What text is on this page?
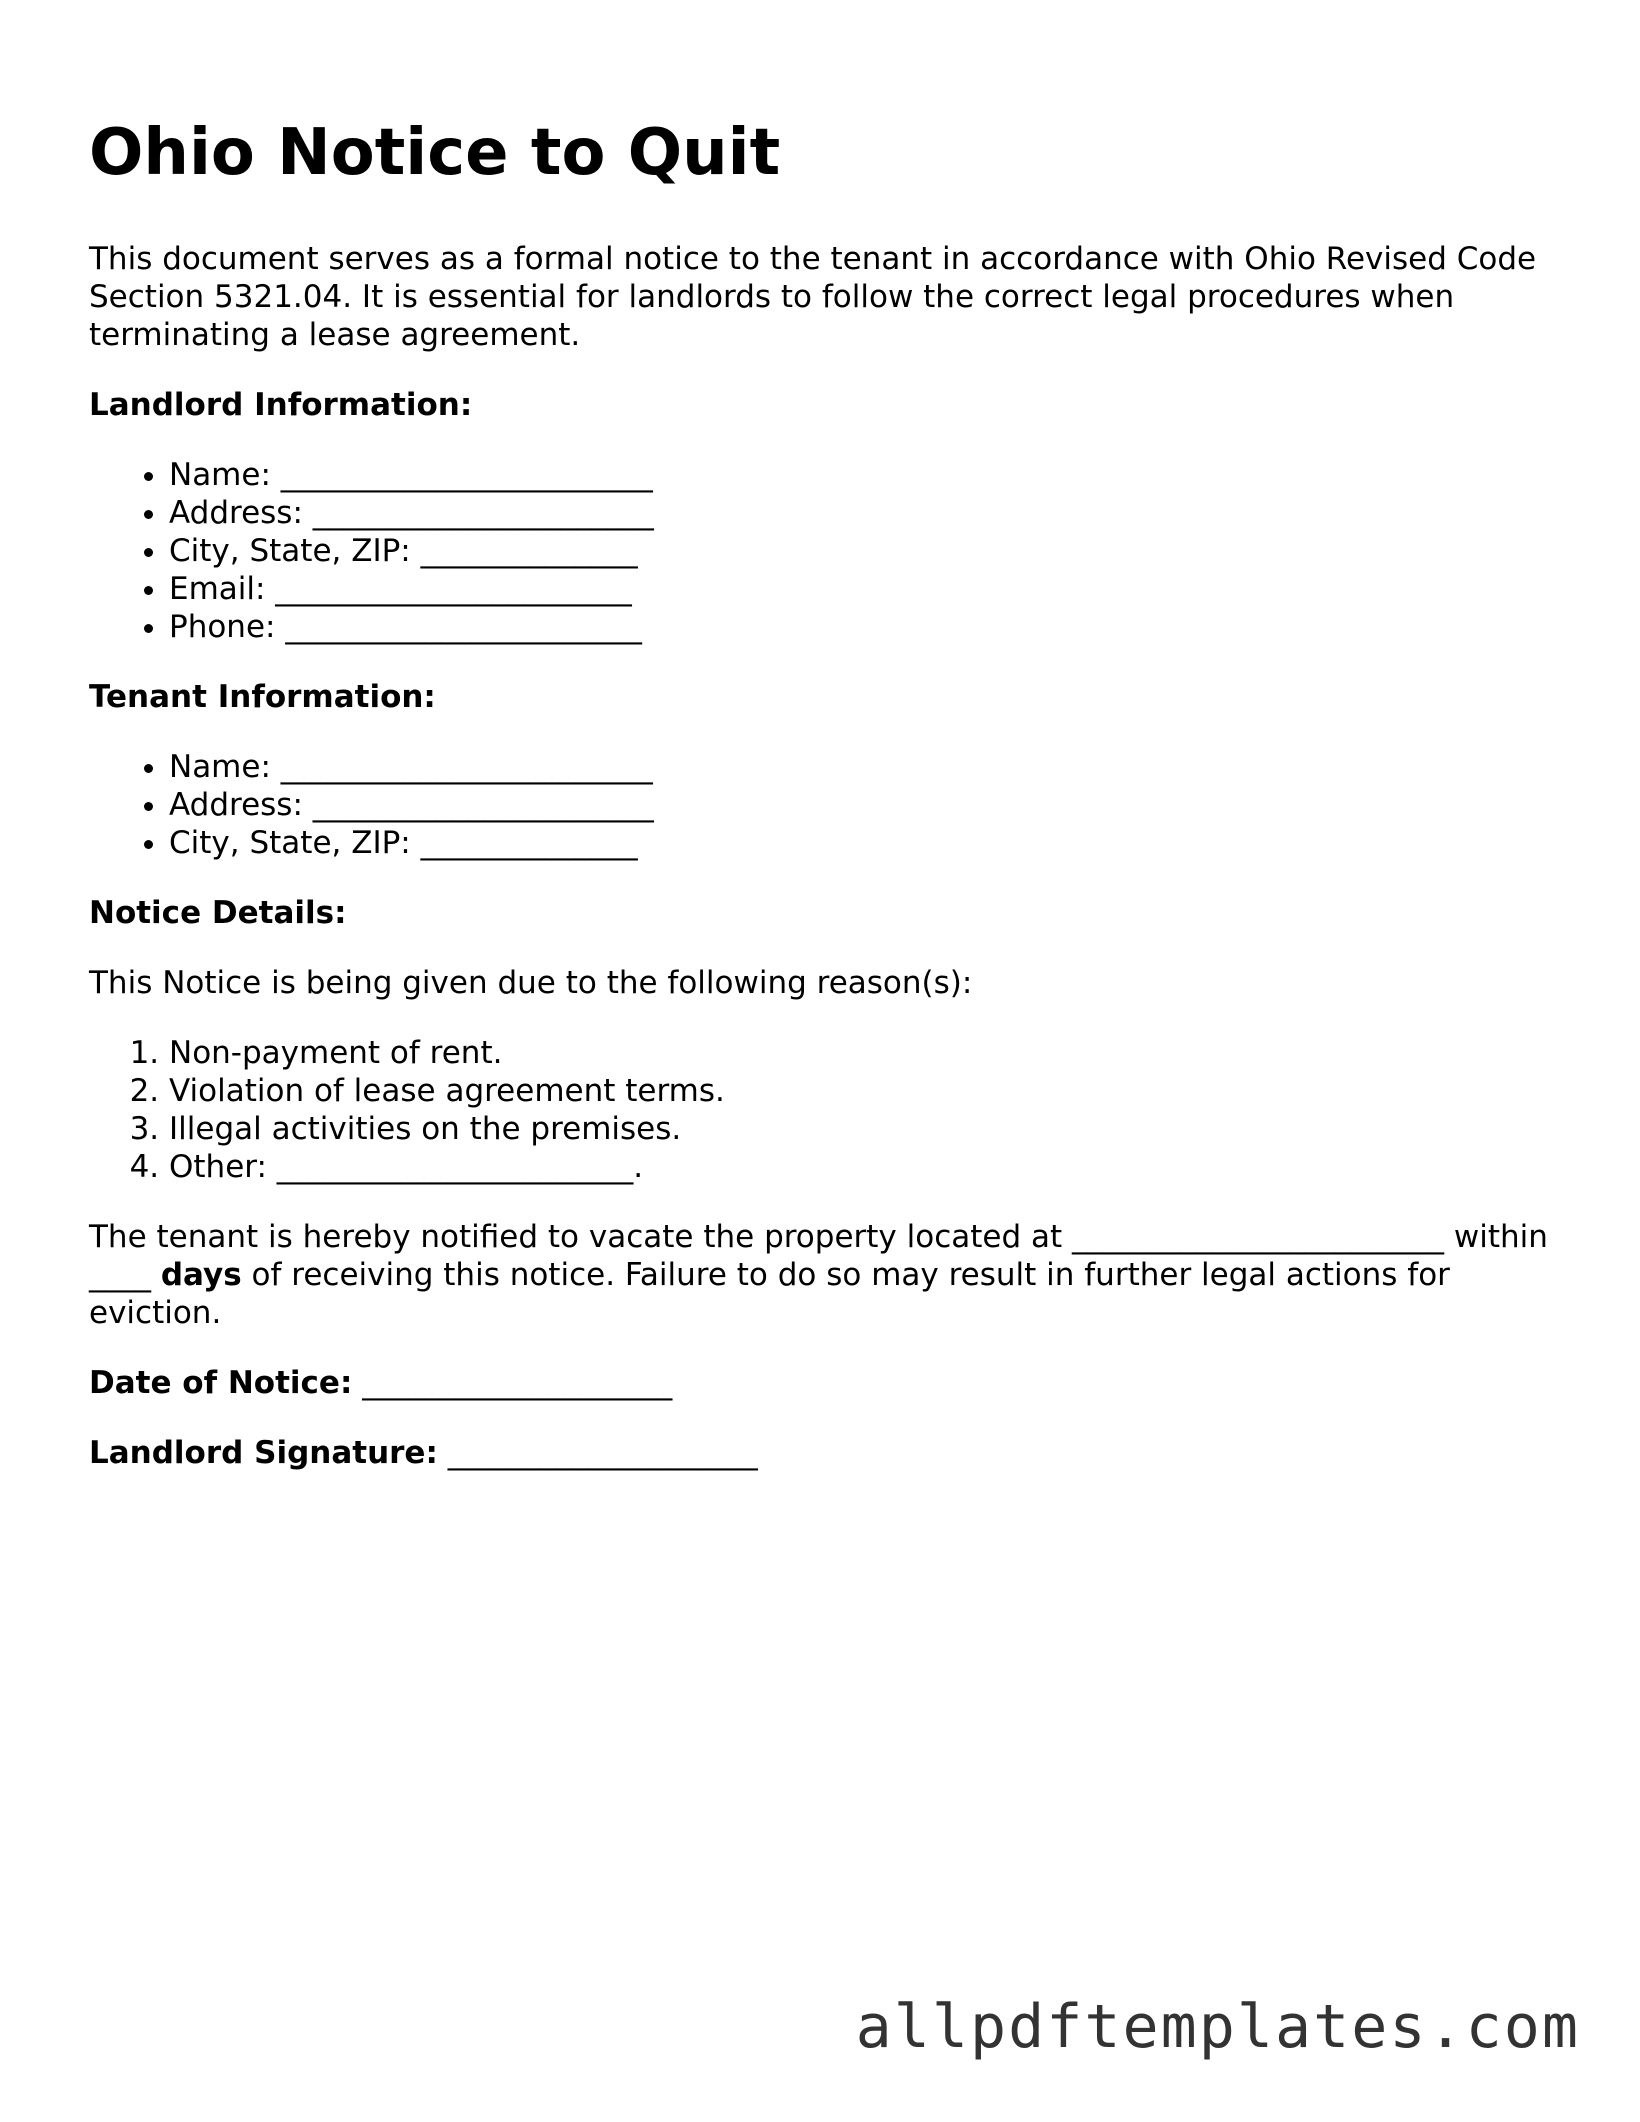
Ohio Notice to Quit

This document serves as a formal notice to the tenant in accordance with Ohio Revised Code Section 5321.04. It is essential for landlords to follow the correct legal procedures when terminating a lease agreement.

Landlord Information:

• Name: ________________________
• Address: ______________________
• City, State, ZIP: ______________
• Email: _______________________
• Phone: _______________________

Tenant Information:

• Name: ________________________
• Address: ______________________
• City, State, ZIP: ______________

Notice Details:

This Notice is being given due to the following reason(s):

1. Non-payment of rent.
2. Violation of lease agreement terms.
3. Illegal activities on the premises.
4. Other: _______________________.

The tenant is hereby notified to vacate the property located at ________________________ within ____ days of receiving this notice. Failure to do so may result in further legal actions for eviction.

Date of Notice: ____________________

Landlord Signature: ____________________

allpdftemplates.com
